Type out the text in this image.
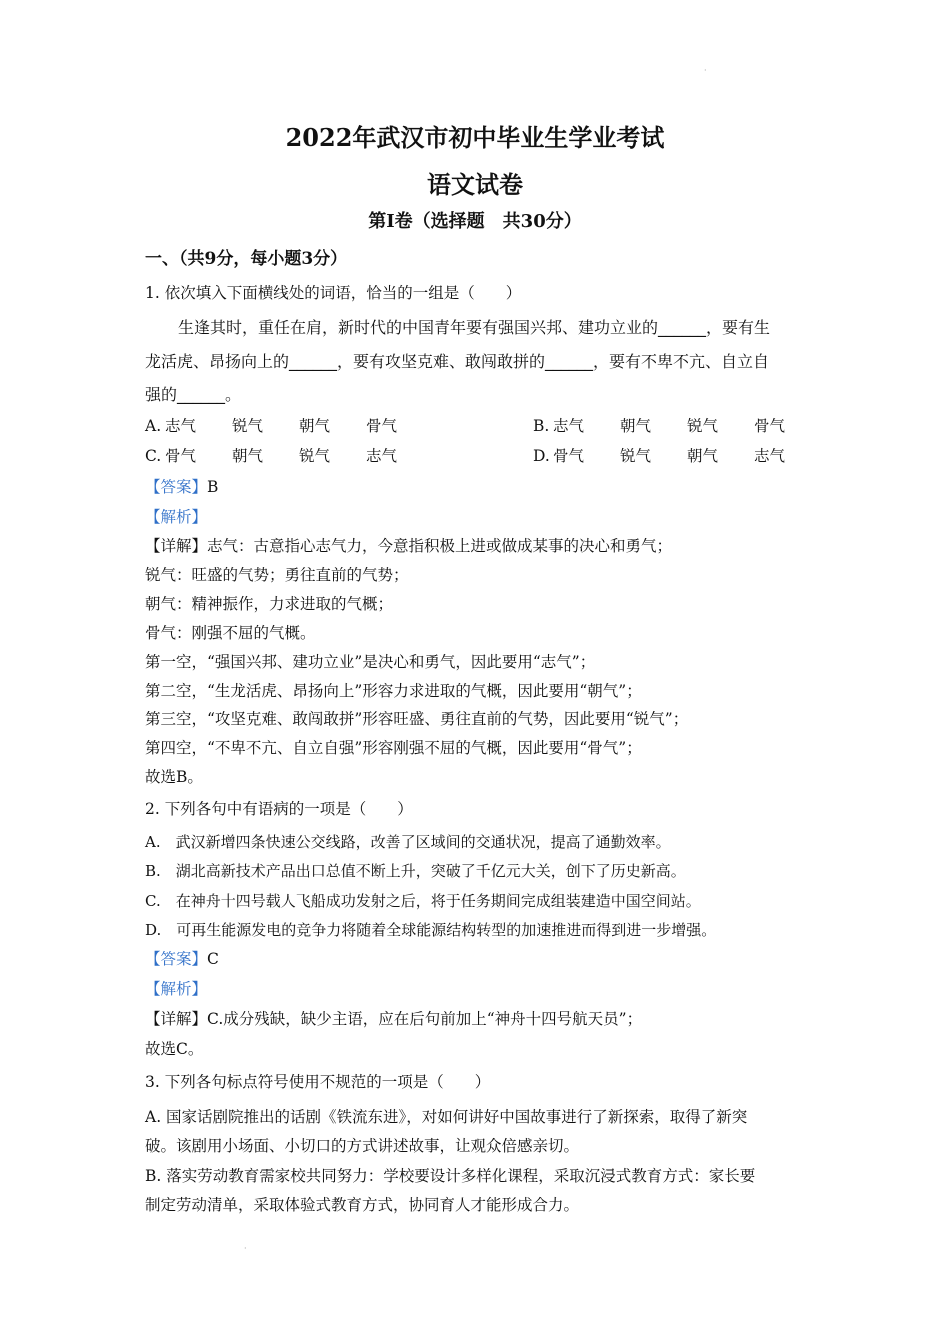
·
2022年武汉市初中毕业生学业考试
语文试卷
第Ⅰ卷（选择题　共30分）
一、（共9分，每小题3分）
1. 依次填入下面横线处的词语，恰当的一组是（　　）
生逢其时，重任在肩，新时代的中国青年要有强国兴邦、建功立业的______，要有生
龙活虎、昂扬向上的______，要有攻坚克难、敢闯敢拼的______，要有不卑不亢、自立自
强的______。
A. 志气 锐气 朝气 骨气	B. 志气 朝气 锐气 骨气
C. 骨气 朝气 锐气 志气	D. 骨气 锐气 朝气 志气
【答案】B
【解析】
【详解】志气：古意指心志气力，今意指积极上进或做成某事的决心和勇气；
锐气：旺盛的气势；勇往直前的气势；
朝气：精神振作，力求进取的气概；
骨气：刚强不屈的气概。
第一空，“强国兴邦、建功立业”是决心和勇气，因此要用“志气”；
第二空，“生龙活虎、昂扬向上”形容力求进取的气概，因此要用“朝气”；
第三空，“攻坚克难、敢闯敢拼”形容旺盛、勇往直前的气势，因此要用“锐气”；
第四空，“不卑不亢、自立自强”形容刚强不屈的气概，因此要用“骨气”；
故选B。
2. 下列各句中有语病的一项是（　　）
A.　武汉新增四条快速公交线路，改善了区域间的交通状况，提高了通勤效率。
B.　湖北高新技术产品出口总值不断上升，突破了千亿元大关，创下了历史新高。
C.　在神舟十四号载人飞船成功发射之后，将于任务期间完成组装建造中国空间站。
D.　可再生能源发电的竞争力将随着全球能源结构转型的加速推进而得到进一步增强。
【答案】C
【解析】
【详解】C.成分残缺，缺少主语，应在后句前加上“神舟十四号航天员”；
故选C。
3. 下列各句标点符号使用不规范的一项是（　　）
A. 国家话剧院推出的话剧《铁流东进》，对如何讲好中国故事进行了新探索，取得了新突
破。该剧用小场面、小切口的方式讲述故事，让观众倍感亲切。
B. 落实劳动教育需家校共同努力：学校要设计多样化课程，采取沉浸式教育方式：家长要
制定劳动清单，采取体验式教育方式，协同育人才能形成合力。
·
